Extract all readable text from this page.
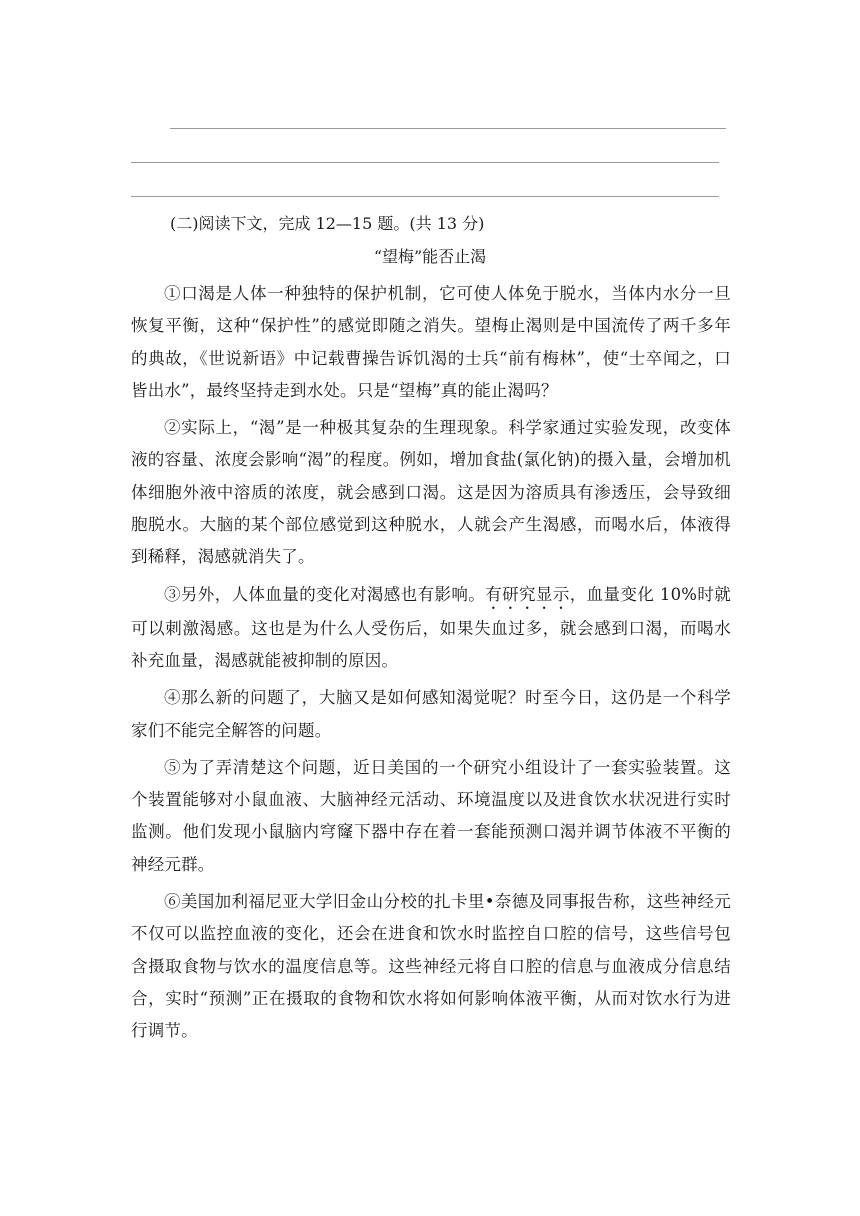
(二)阅读下文，完成 12—15 题。(共 13 分)
“望梅”能否止渴

①口渴是人体一种独特的保护机制，它可使人体免于脱水，当体内水分一旦恢复平衡，这种“保护性”的感觉即随之消失。望梅止渴则是中国流传了两千多年的典故，《世说新语》中记载曹操告诉饥渴的士兵“前有梅林”，使“士卒闻之，口皆出水”，最终坚持走到水处。只是“望梅”真的能止渴吗？

②实际上，“渴”是一种极其复杂的生理现象。科学家通过实验发现，改变体液的容量、浓度会影响“渴”的程度。例如，增加食盐(氯化钠)的摄入量，会增加机体细胞外液中溶质的浓度，就会感到口渴。这是因为溶质具有渗透压，会导致细胞脱水。大脑的某个部位感觉到这种脱水，人就会产生渴感，而喝水后，体液得到稀释，渴感就消失了。

③另外，人体血量的变化对渴感也有影响。有研究显示，血量变化 10%时就可以刺激渴感。这也是为什么人受伤后，如果失血过多，就会感到口渴，而喝水补充血量，渴感就能被抑制的原因。

④那么新的问题了，大脑又是如何感知渴觉呢？时至今日，这仍是一个科学家们不能完全解答的问题。

⑤为了弄清楚这个问题，近日美国的一个研究小组设计了一套实验装置。这个装置能够对小鼠血液、大脑神经元活动、环境温度以及进食饮水状况进行实时监测。他们发现小鼠脑内穹窿下器中存在着一套能预测口渴并调节体液不平衡的神经元群。

⑥美国加利福尼亚大学旧金山分校的扎卡里•奈德及同事报告称，这些神经元不仅可以监控血液的变化，还会在进食和饮水时监控自口腔的信号，这些信号包含摄取食物与饮水的温度信息等。这些神经元将自口腔的信息与血液成分信息结合，实时“预测”正在摄取的食物和饮水将如何影响体液平衡，从而对饮水行为进行调节。
